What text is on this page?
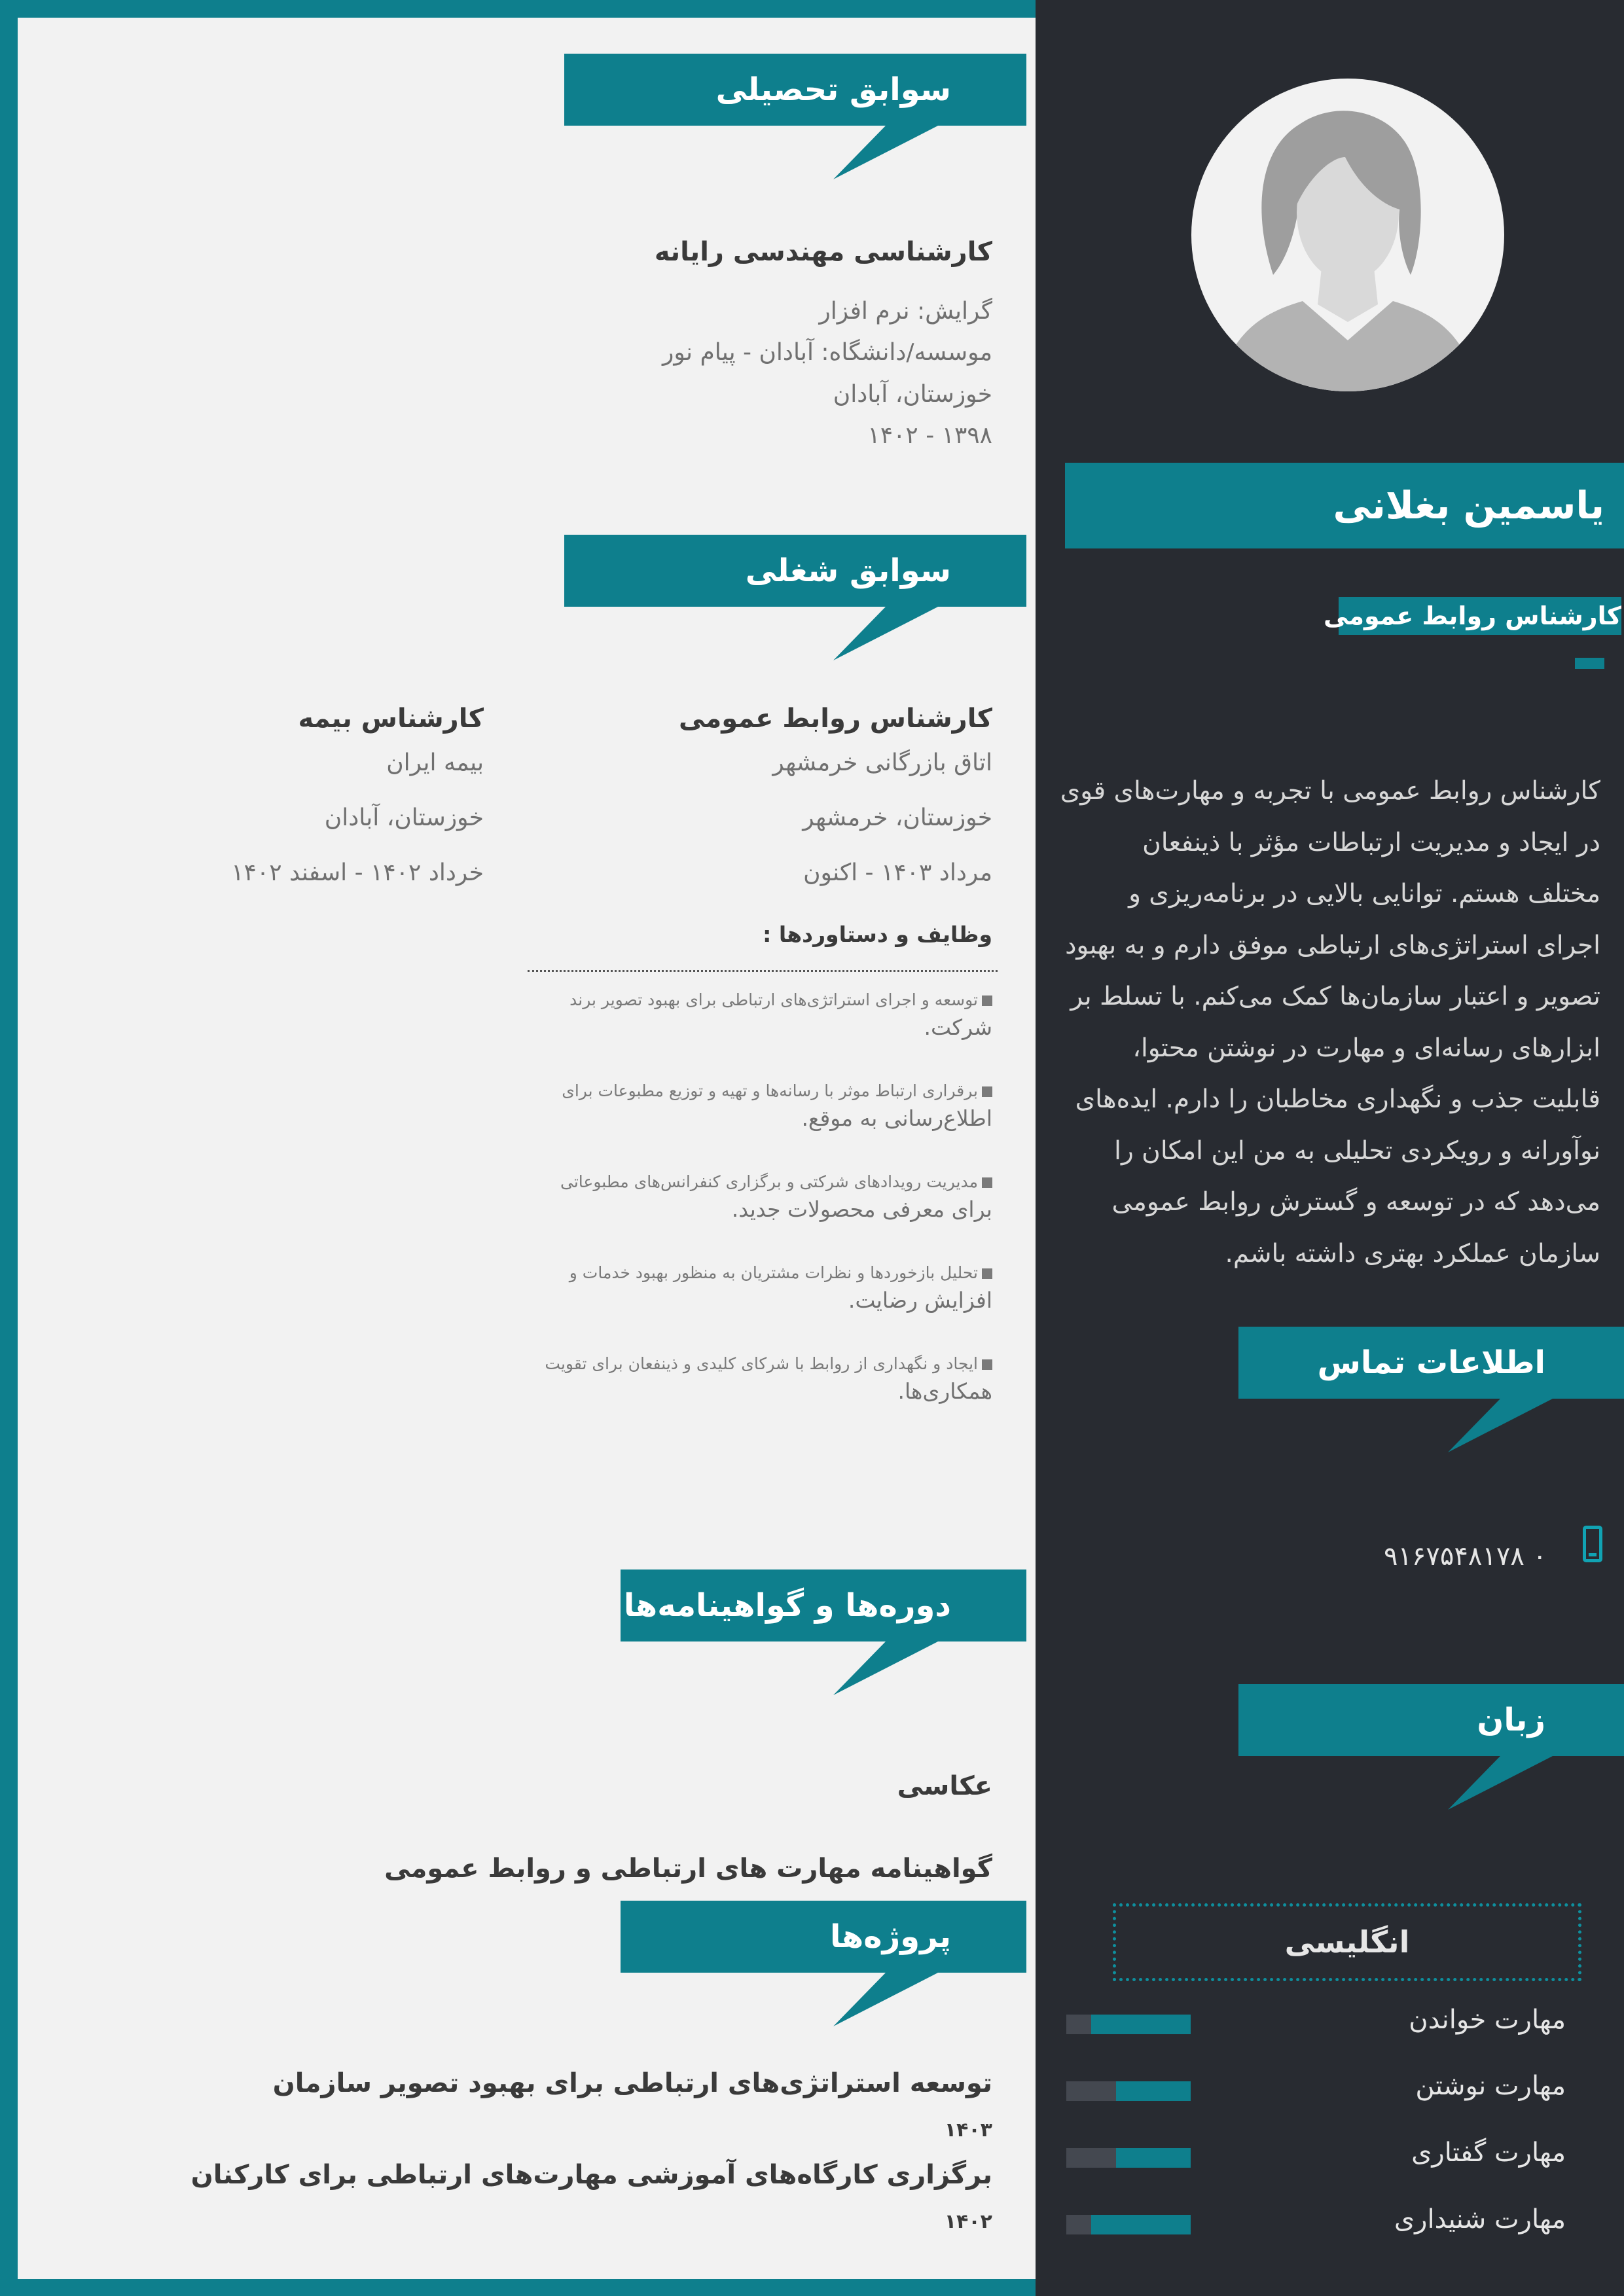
یاسمین بغلانی
کارشناس روابط عمومی
کارشناس روابط عمومی با تجربه و مهارت‌های قوی
در ایجاد و مدیریت ارتباطات مؤثر با ذینفعان
مختلف هستم. توانایی بالایی در برنامه‌ریزی و
اجرای استراتژی‌های ارتباطی موفق دارم و به بهبود
تصویر و اعتبار سازمان‌ها کمک می‌کنم. با تسلط بر
ابزارهای رسانه‌ای و مهارت در نوشتن محتوا،
قابلیت جذب و نگهداری مخاطبان را دارم. ایده‌های
نوآورانه و رویکردی تحلیلی به من این امکان را
می‌دهد که در توسعه و گسترش روابط عمومی
سازمان عملکرد بهتری داشته باشم.
اطلاعات تماس
۰ ۹۱۶۷۵۴۸۱۷۸
زبان
انگلیسی
مهارت خواندن
مهارت نوشتن
مهارت گفتاری
مهارت شنیداری
سوابق تحصیلی
کارشناسی مهندسی رایانه
گرایش: نرم افزار
موسسه/دانشگاه: آبادان - پیام نور
خوزستان، آبادان
۱۳۹۸ - ۱۴۰۲
سوابق شغلی
کارشناس روابط عمومی
اتاق بازرگانی خرمشهر
خوزستان، خرمشهر
مرداد ۱۴۰۳ - اکنون
کارشناس بیمه
بیمه ایران
خوزستان، آبادان
خرداد ۱۴۰۲ - اسفند ۱۴۰۲
وظایف و دستاوردها :
توسعه و اجرای استراتژی‌های ارتباطی برای بهبود تصویر برند
شرکت.
برقراری ارتباط موثر با رسانه‌ها و تهیه و توزیع مطبوعات برای
اطلاع‌رسانی به موقع.
مدیریت رویدادهای شرکتی و برگزاری کنفرانس‌های مطبوعاتی
برای معرفی محصولات جدید.
تحلیل بازخوردها و نظرات مشتریان به منظور بهبود خدمات و
افزایش رضایت.
ایجاد و نگهداری از روابط با شرکای کلیدی و ذینفعان برای تقویت
همکاری‌ها.
دوره‌ها و گواهینامه‌ها
عکاسی
گواهینامه مهارت های ارتباطی و روابط عمومی
پروژه‌ها
توسعه استراتژی‌های ارتباطی برای بهبود تصویر سازمان
۱۴۰۳
برگزاری کارگاه‌های آموزشی مهارت‌های ارتباطی برای کارکنان
۱۴۰۲
